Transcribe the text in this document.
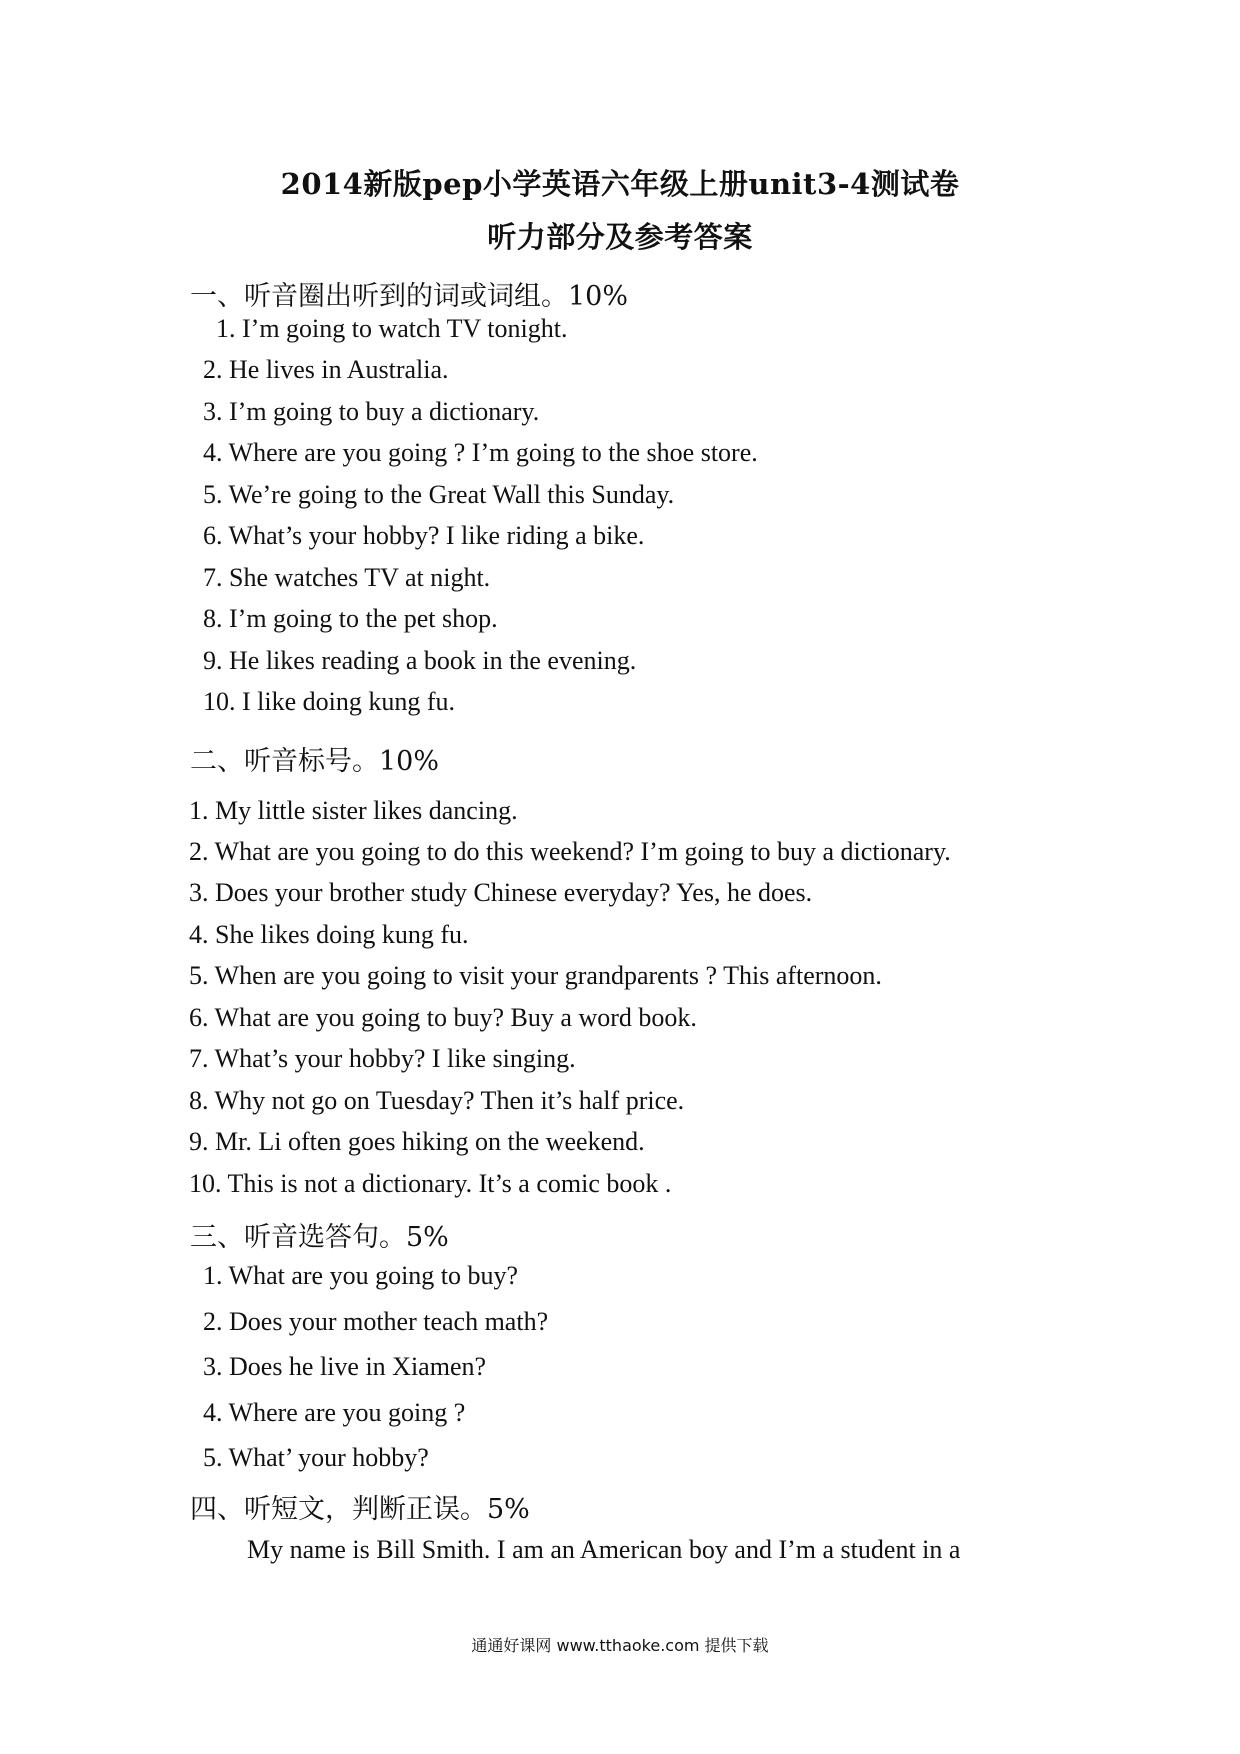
2014新版pep小学英语六年级上册unit3-4测试卷
听力部分及参考答案
一、听音圈出听到的词或词组。10%
1. I’m going to watch TV tonight.
2. He lives in Australia.
3. I’m going to buy a dictionary.
4. Where are you going ? I’m going to the shoe store.
5. We’re going to the Great Wall this Sunday.
6. What’s your hobby? I like riding a bike.
7. She watches TV at night.
8. I’m going to the pet shop.
9. He likes reading a book in the evening.
10. I like doing kung fu.
二、听音标号。10%
1. My little sister likes dancing.
2. What are you going to do this weekend? I’m going to buy a dictionary.
3. Does your brother study Chinese everyday? Yes, he does.
4. She likes doing kung fu.
5. When are you going to visit your grandparents ? This afternoon.
6. What are you going to buy? Buy a word book.
7. What’s your hobby? I like singing.
8. Why not go on Tuesday? Then it’s half price.
9. Mr. Li often goes hiking on the weekend.
10. This is not a dictionary. It’s a comic book .
三、听音选答句。5%
1. What are you going to buy?
2. Does your mother teach math?
3. Does he live in Xiamen?
4. Where are you going ?
5. What’ your hobby?
四、听短文，判断正误。5%
My name is Bill Smith. I am an American boy and I’m a student in a
通通好课网 www.tthaoke.com 提供下载
